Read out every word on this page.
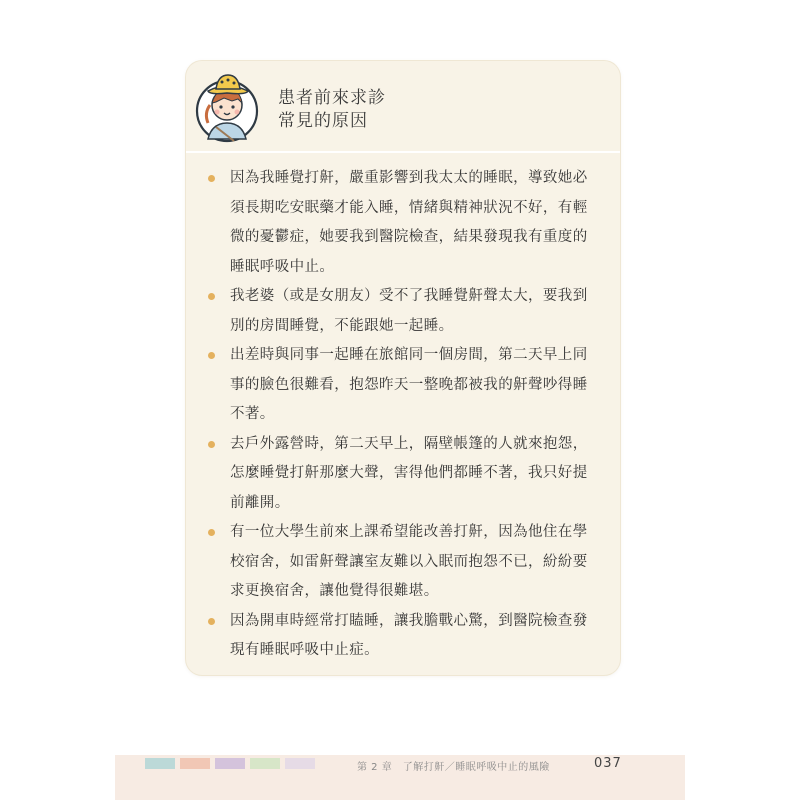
患者前來求診
常見的原因
因為我睡覺打鼾，嚴重影響到我太太的睡眠，導致她必須長期吃安眠藥才能入睡，情緒與精神狀況不好，有輕微的憂鬱症，她要我到醫院檢查，結果發現我有重度的睡眠呼吸中止。
我老婆（或是女朋友）受不了我睡覺鼾聲太大，要我到別的房間睡覺，不能跟她一起睡。
出差時與同事一起睡在旅館同一個房間，第二天早上同事的臉色很難看，抱怨昨天一整晚都被我的鼾聲吵得睡不著。
去戶外露營時，第二天早上，隔壁帳篷的人就來抱怨，怎麼睡覺打鼾那麼大聲，害得他們都睡不著，我只好提前離開。
有一位大學生前來上課希望能改善打鼾，因為他住在學校宿舍，如雷鼾聲讓室友難以入眠而抱怨不已，紛紛要求更換宿舍，讓他覺得很難堪。
因為開車時經常打瞌睡，讓我膽戰心驚，到醫院檢查發現有睡眠呼吸中止症。
第 2 章　了解打鼾／睡眠呼吸中止的風險	037
